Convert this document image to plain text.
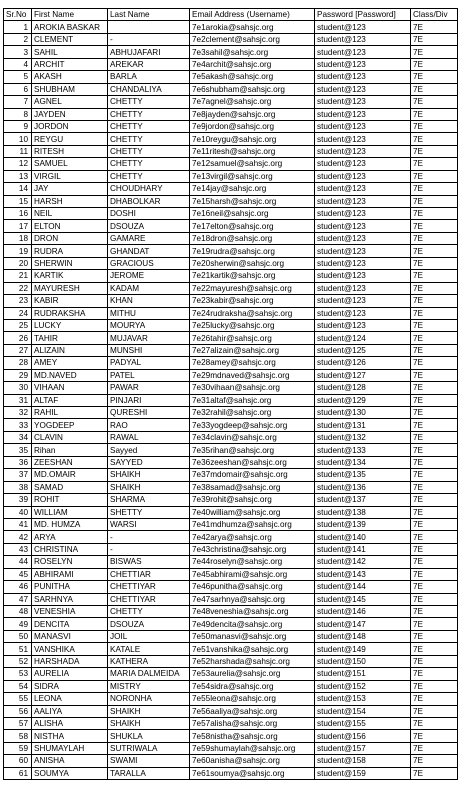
Sr.No	First Name	Last Name	Email Address (Username)	Password [Password]	Class/Div
1	AROKIA BASKAR		7e1arokia@sahsjc.org	student@123	7E
2	CLEMENT	-	7e2clement@sahsjc.org	student@123	7E
3	SAHIL	ABHUJAFARI	7e3sahil@sahsjc.org	student@123	7E
4	ARCHIT	AREKAR	7e4archit@sahsjc.org	student@123	7E
5	AKASH	BARLA	7e5akash@sahsjc.org	student@123	7E
6	SHUBHAM	CHANDALIYA	7e6shubham@sahsjc.org	student@123	7E
7	AGNEL	CHETTY	7e7agnel@sahsjc.org	student@123	7E
8	JAYDEN	CHETTY	7e8jayden@sahsjc.org	student@123	7E
9	JORDON	CHETTY	7e9jordon@sahsjc.org	student@123	7E
10	REYGU	CHETTY	7e10reygu@sahsjc.org	student@123	7E
11	RITESH	CHETTY	7e11ritesh@sahsjc.org	student@123	7E
12	SAMUEL	CHETTY	7e12samuel@sahsjc.org	student@123	7E
13	VIRGIL	CHETTY	7e13virgil@sahsjc.org	student@123	7E
14	JAY	CHOUDHARY	7e14jay@sahsjc.org	student@123	7E
15	HARSH	DHABOLKAR	7e15harsh@sahsjc.org	student@123	7E
16	NEIL	DOSHI	7e16neil@sahsjc.org	student@123	7E
17	ELTON	DSOUZA	7e17elton@sahsjc.org	student@123	7E
18	DRON	GAMARE	7e18dron@sahsjc.org	student@123	7E
19	RUDRA	GHANDAT	7e19rudra@sahsjc.org	student@123	7E
20	SHERWIN	GRACIOUS	7e20sherwin@sahsjc.org	student@123	7E
21	KARTIK	JEROME	7e21kartik@sahsjc.org	student@123	7E
22	MAYURESH	KADAM	7e22mayuresh@sahsjc.org	student@123	7E
23	KABIR	KHAN	7e23kabir@sahsjc.org	student@123	7E
24	RUDRAKSHA	MITHU	7e24rudraksha@sahsjc.org	student@123	7E
25	LUCKY	MOURYA	7e25lucky@sahsjc.org	student@123	7E
26	TAHIR	MUJAVAR	7e26tahir@sahsjc.org	student@124	7E
27	ALIZAIN	MUNSHI	7e27alizain@sahsjc.org	student@125	7E
28	AMEY	PADYAL	7e28amey@sahsjc.org	student@126	7E
29	MD.NAVED	PATEL	7e29mdnaved@sahsjc.org	student@127	7E
30	VIHAAN	PAWAR	7e30vihaan@sahsjc.org	student@128	7E
31	ALTAF	PINJARI	7e31altaf@sahsjc.org	student@129	7E
32	RAHIL	QURESHI	7e32rahil@sahsjc.org	student@130	7E
33	YOGDEEP	RAO	7e33yogdeep@sahsjc.org	student@131	7E
34	CLAVIN	RAWAL	7e34clavin@sahsjc.org	student@132	7E
35	Rihan	Sayyed	7e35rihan@sahsjc.org	student@133	7E
36	ZEESHAN	SAYYED	7e36zeeshan@sahsjc.org	student@134	7E
37	MD.OMAIR	SHAIKH	7e37mdomair@sahsjc.org	student@135	7E
38	SAMAD	SHAIKH	7e38samad@sahsjc.org	student@136	7E
39	ROHIT	SHARMA	7e39rohit@sahsjc.org	student@137	7E
40	WILLIAM	SHETTY	7e40william@sahsjc.org	student@138	7E
41	MD. HUMZA	WARSI	7e41mdhumza@sahsjc.org	student@139	7E
42	ARYA	-	7e42arya@sahsjc.org	student@140	7E
43	CHRISTINA	-	7e43christina@sahsjc.org	student@141	7E
44	ROSELYN	BISWAS	7e44roselyn@sahsjc.org	student@142	7E
45	ABHIRAMI	CHETTIAR	7e45abhirami@sahsjc.org	student@143	7E
46	PUNITHA	CHETTIYAR	7e46punitha@sahsjc.org	student@144	7E
47	SARHNYA	CHETTIYAR	7e47sarhnya@sahsjc.org	student@145	7E
48	VENESHIA	CHETTY	7e48veneshia@sahsjc.org	student@146	7E
49	DENCITA	DSOUZA	7e49dencita@sahsjc.org	student@147	7E
50	MANASVI	JOIL	7e50manasvi@sahsjc.org	student@148	7E
51	VANSHIKA	KATALE	7e51vanshika@sahsjc.org	student@149	7E
52	HARSHADA	KATHERA	7e52harshada@sahsjc.org	student@150	7E
53	AURELIA	MARIA DALMEIDA	7e53aurelia@sahsjc.org	student@151	7E
54	SIDRA	MISTRY	7e54sidra@sahsjc.org	student@152	7E
55	LEONA	NORONHA	7e55leona@sahsjc.org	student@153	7E
56	AALIYA	SHAIKH	7e56aaliya@sahsjc.org	student@154	7E
57	ALISHA	SHAIKH	7e57alisha@sahsjc.org	student@155	7E
58	NISTHA	SHUKLA	7e58nistha@sahsjc.org	student@156	7E
59	SHUMAYLAH	SUTRIWALA	7e59shumaylah@sahsjc.org	student@157	7E
60	ANISHA	SWAMI	7e60anisha@sahsjc.org	student@158	7E
61	SOUMYA	TARALLA	7e61soumya@sahsjc.org	student@159	7E
